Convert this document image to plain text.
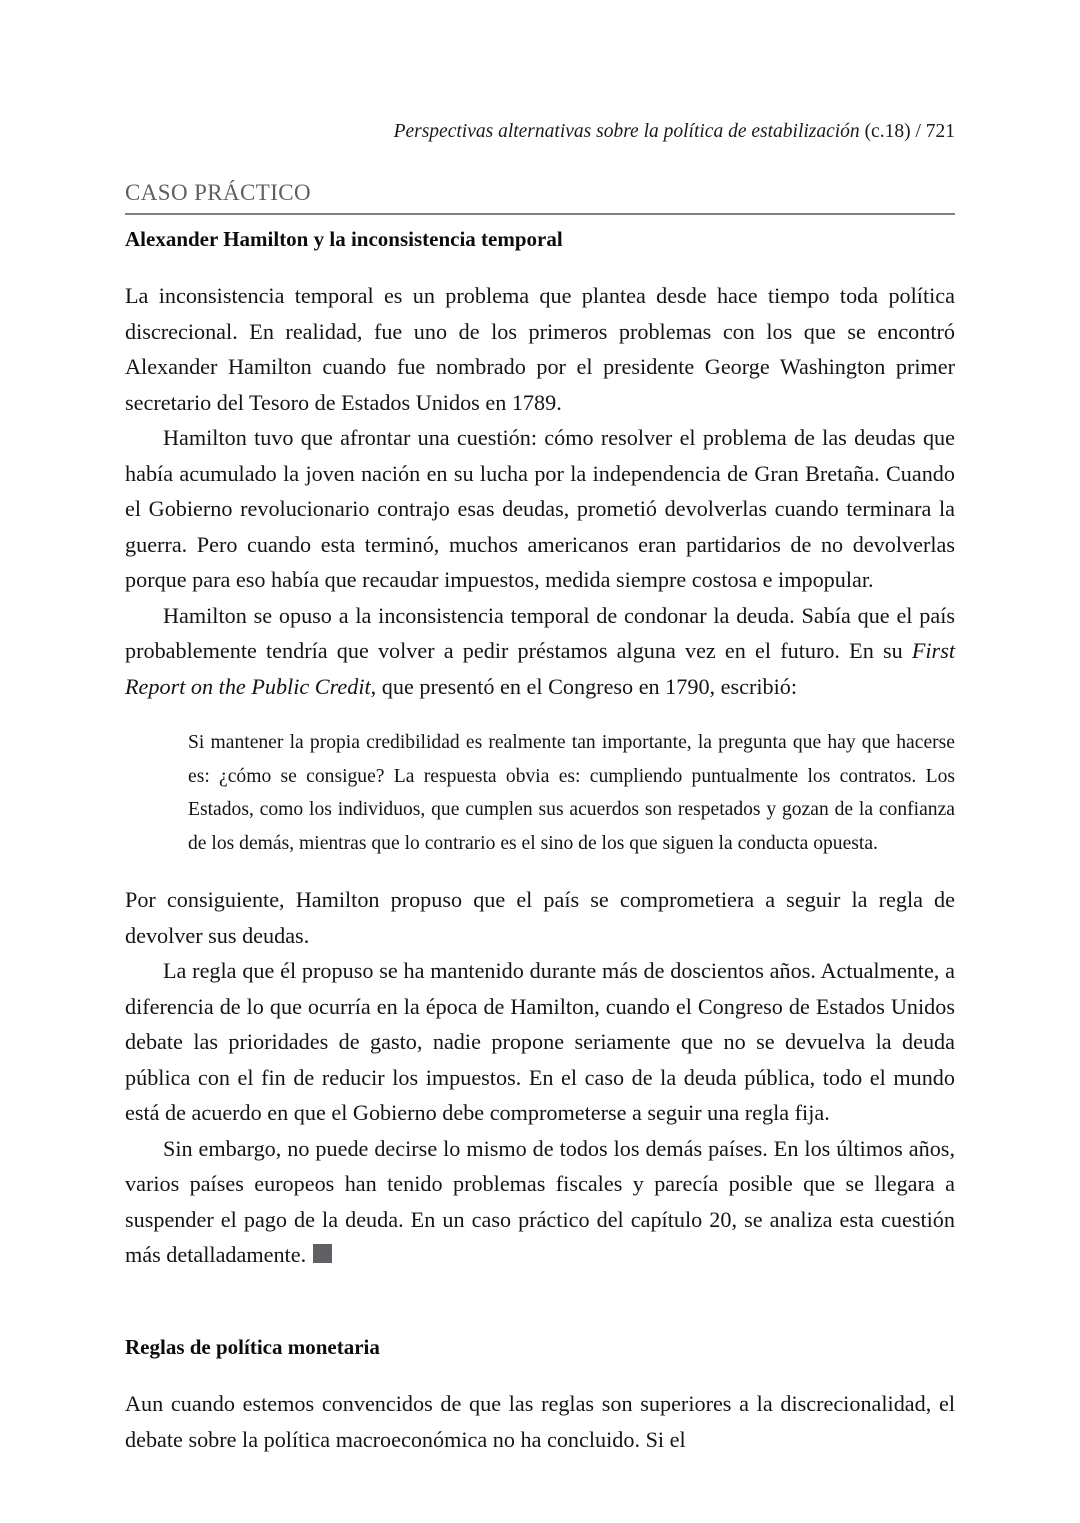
Perspectivas alternativas sobre la política de estabilización (c.18) / 721
CASO PRÁCTICO
Alexander Hamilton y la inconsistencia temporal

La inconsistencia temporal es un problema que plantea desde hace tiempo toda política discrecional. En realidad, fue uno de los primeros problemas con los que se encontró Alexander Hamilton cuando fue nombrado por el presidente George Washington primer secretario del Tesoro de Estados Unidos en 1789.

Hamilton tuvo que afrontar una cuestión: cómo resolver el problema de las deudas que había acumulado la joven nación en su lucha por la independencia de Gran Bretaña. Cuando el Gobierno revolucionario contrajo esas deudas, prometió devolverlas cuando terminara la guerra. Pero cuando esta terminó, muchos americanos eran partidarios de no devolverlas porque para eso había que recaudar impuestos, medida siempre costosa e impopular.

Hamilton se opuso a la inconsistencia temporal de condonar la deuda. Sabía que el país probablemente tendría que volver a pedir préstamos alguna vez en el futuro. En su First Report on the Public Credit, que presentó en el Congreso en 1790, escribió:

Si mantener la propia credibilidad es realmente tan importante, la pregunta que hay que hacerse es: ¿cómo se consigue? La respuesta obvia es: cumpliendo puntualmente los contratos. Los Estados, como los individuos, que cumplen sus acuerdos son respetados y gozan de la confianza de los demás, mientras que lo contrario es el sino de los que siguen la conducta opuesta.

Por consiguiente, Hamilton propuso que el país se comprometiera a seguir la regla de devolver sus deudas.

La regla que él propuso se ha mantenido durante más de doscientos años. Actualmente, a diferencia de lo que ocurría en la época de Hamilton, cuando el Congreso de Estados Unidos debate las prioridades de gasto, nadie propone seriamente que no se devuelva la deuda pública con el fin de reducir los impuestos. En el caso de la deuda pública, todo el mundo está de acuerdo en que el Gobierno debe comprometerse a seguir una regla fija.

Sin embargo, no puede decirse lo mismo de todos los demás países. En los últimos años, varios países europeos han tenido problemas fiscales y parecía posible que se llegara a suspender el pago de la deuda. En un caso práctico del capítulo 20, se analiza esta cuestión más detalladamente.

Reglas de política monetaria

Aun cuando estemos convencidos de que las reglas son superiores a la discrecionalidad, el debate sobre la política macroeconómica no ha concluido. Si el
